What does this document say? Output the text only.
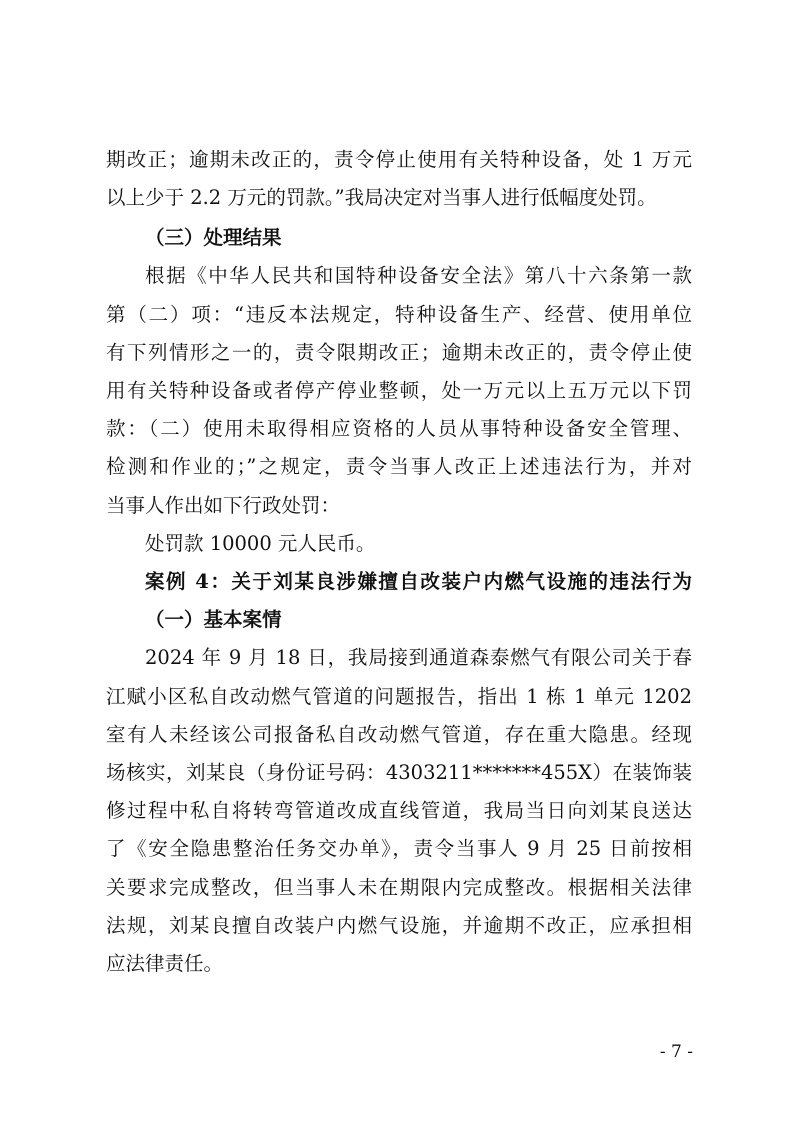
期改正；逾期未改正的，责令停止使用有关特种设备，处 1 万元
以上少于 2.2 万元的罚款。”我局决定对当事人进行低幅度处罚。
（三）处理结果
根据《中华人民共和国特种设备安全法》第八十六条第一款
第（二）项：“违反本法规定，特种设备生产、经营、使用单位
有下列情形之一的，责令限期改正；逾期未改正的，责令停止使
用有关特种设备或者停产停业整顿，处一万元以上五万元以下罚
款：（二）使用未取得相应资格的人员从事特种设备安全管理、
检测和作业的；”之规定，责令当事人改正上述违法行为，并对
当事人作出如下行政处罚：
处罚款 10000 元人民币。
案例 4：关于刘某良涉嫌擅自改装户内燃气设施的违法行为
（一）基本案情
2024 年 9 月 18 日，我局接到通道森泰燃气有限公司关于春
江赋小区私自改动燃气管道的问题报告，指出 1 栋 1 单元 1202
室有人未经该公司报备私自改动燃气管道，存在重大隐患。经现
场核实，刘某良（身份证号码：4303211*******455X）在装饰装
修过程中私自将转弯管道改成直线管道，我局当日向刘某良送达
了《安全隐患整治任务交办单》，责令当事人 9 月 25 日前按相
关要求完成整改，但当事人未在期限内完成整改。根据相关法律
法规，刘某良擅自改装户内燃气设施，并逾期不改正，应承担相
应法律责任。
- 7 -
